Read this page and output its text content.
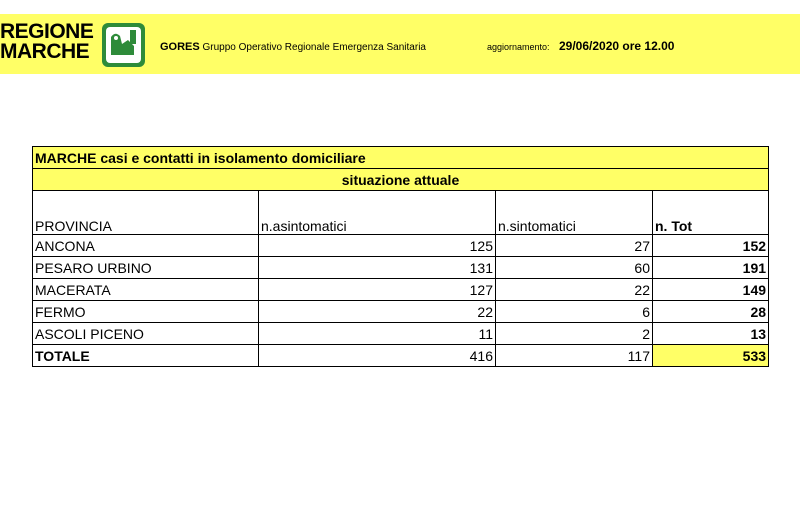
REGIONE
MARCHE	GORES Gruppo Operativo Regionale Emergenza Sanitaria	aggiornamento: 29/06/2020 ore 12.00
MARCHE casi e contatti in isolamento domiciliare			
situazione attuale			
PROVINCIA	n.asintomatici	n.sintomatici	n. Tot
ANCONA	125	27	152
PESARO URBINO	131	60	191
MACERATA	127	22	149
FERMO	22	6	28
ASCOLI PICENO	11	2	13
TOTALE	416	117	533
